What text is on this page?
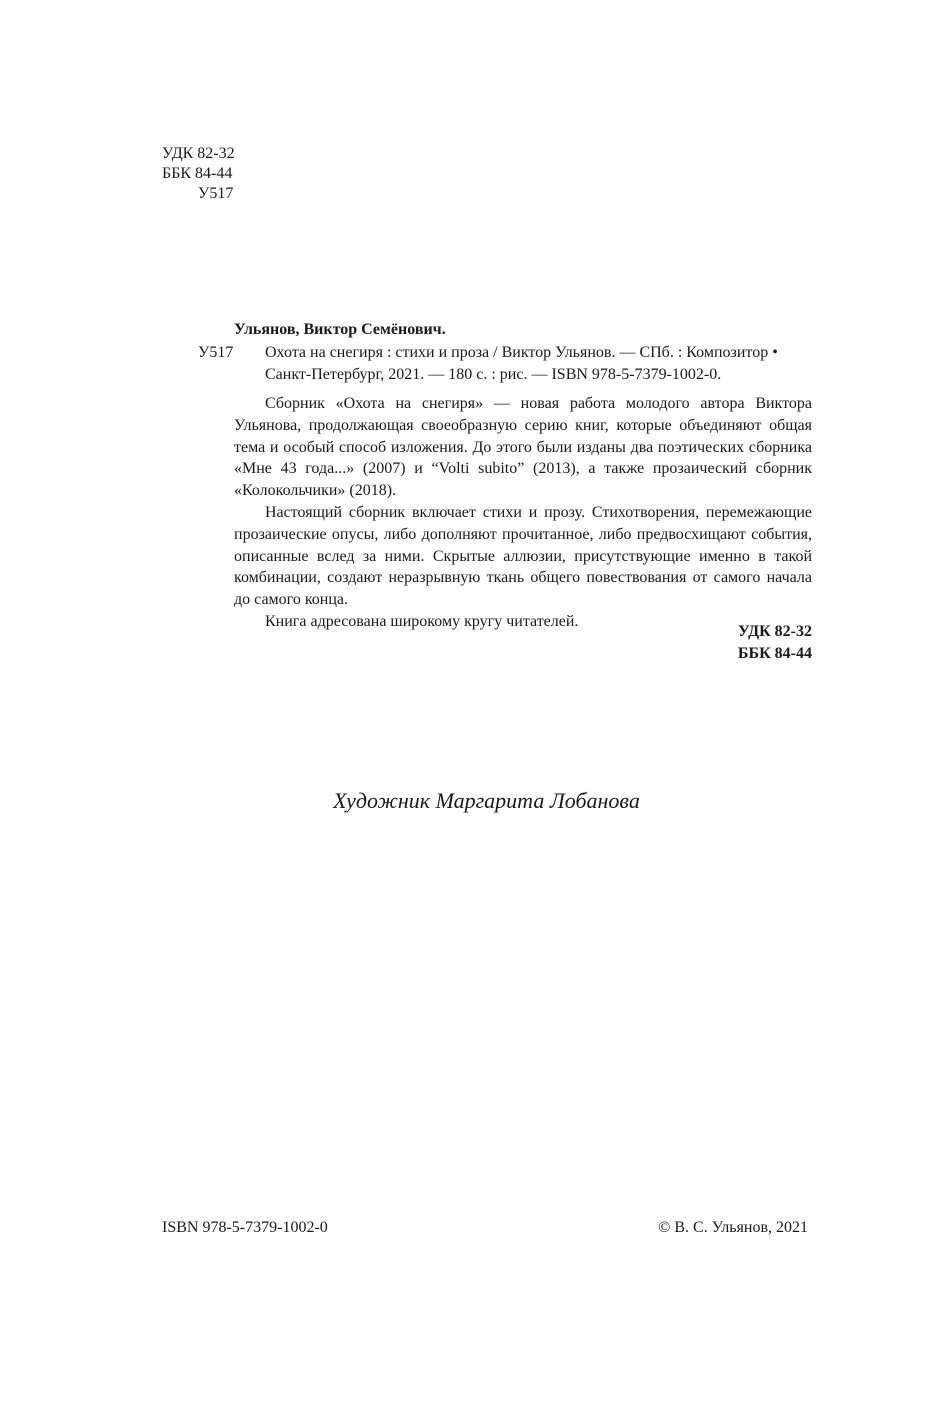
УДК 82-32
ББК 84-44
У517
Ульянов, Виктор Семёнович.
У517 Охота на снегиря : стихи и проза / Виктор Ульянов. — СПб. : Композитор • Санкт-Петербург, 2021. — 180 с. : рис. — ISBN 978-5-7379-1002-0.

Сборник «Охота на снегиря» — новая работа молодого автора Виктора Ульянова, продолжающая своеобразную серию книг, которые объединяют общая тема и особый способ изложения. До этого были изданы два поэтических сборника «Мне 43 года...» (2007) и “Volti subito” (2013), а также прозаический сборник «Колокольчики» (2018).

Настоящий сборник включает стихи и прозу. Стихотворения, перемежающие прозаические опусы, либо дополняют прочитанное, либо предвосхищают события, описанные вслед за ними. Скрытые аллюзии, присутствующие именно в такой комбинации, создают неразрывную ткань общего повествования от самого начала до самого конца.

Книга адресована широкому кругу читателей.

УДК 82-32
ББК 84-44
Художник Маргарита Лобанова
ISBN 978-5-7379-1002-0	© В. С. Ульянов, 2021
